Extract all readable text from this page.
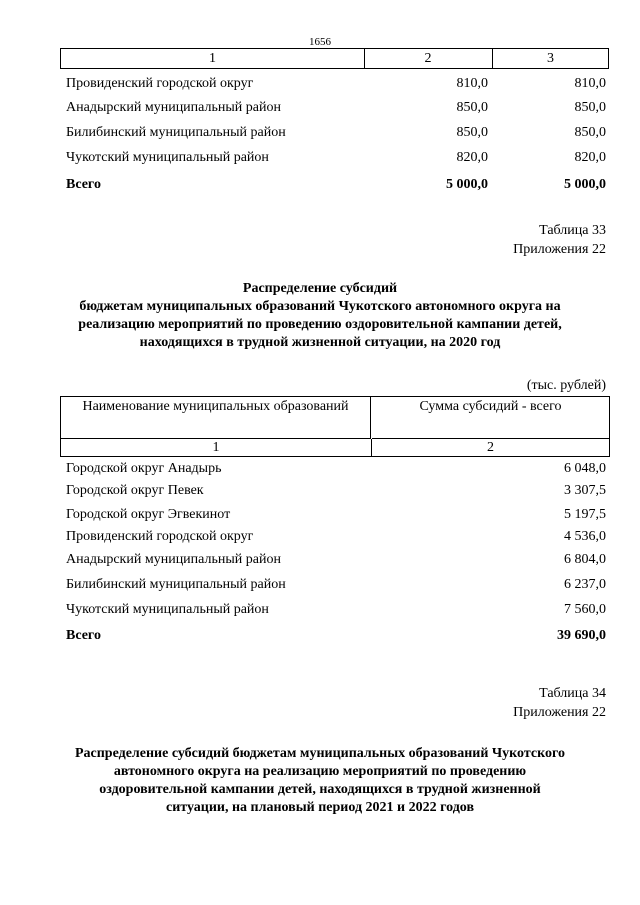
1656
1	2	3
Провиденский городской округ	810,0	810,0
Анадырский муниципальный район	850,0	850,0
Билибинский муниципальный район	850,0	850,0
Чукотский муниципальный район	820,0	820,0
Всего	5 000,0	5 000,0
Таблица 33
Приложения 22
Распределение субсидий
бюджетам муниципальных образований Чукотского автономного округа на
реализацию мероприятий по проведению оздоровительной кампании детей,
находящихся в трудной жизненной ситуации, на 2020 год
(тыс. рублей)
Наименование муниципальных образований	Сумма субсидий - всего
1	2
Городской округ Анадырь	6 048,0
Городской округ Певек	3 307,5
Городской округ Эгвекинот	5 197,5
Провиденский городской округ	4 536,0
Анадырский муниципальный район	6 804,0
Билибинский муниципальный район	6 237,0
Чукотский муниципальный район	7 560,0
Всего	39 690,0
Таблица 34
Приложения 22
Распределение субсидий бюджетам муниципальных образований Чукотского
автономного округа на реализацию мероприятий по проведению
оздоровительной кампании детей, находящихся в трудной жизненной
ситуации, на плановый период 2021 и 2022 годов
